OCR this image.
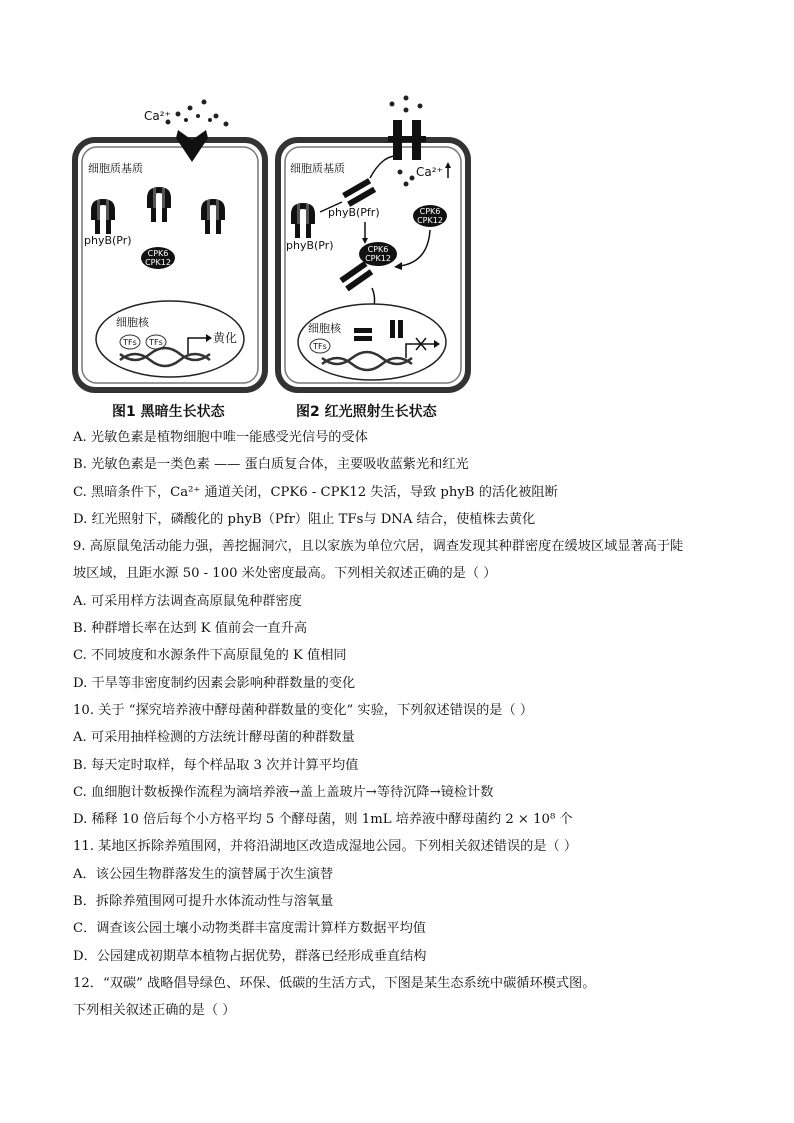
Ca²⁺
细胞质基质
phyB(Pr)
CPK6
CPK12
细胞核
TFs TFs	黄化
图1 黑暗生长状态
Ca²⁺
细胞质基质
phyB(Pfr)
phyB(Pr)
CPK6
CPK12
CPK6
CPK12
细胞核
TFs
图2 红光照射生长状态
A. 光敏色素是植物细胞中唯一能感受光信号的受体
B. 光敏色素是一类色素 —— 蛋白质复合体，主要吸收蓝紫光和红光
C. 黑暗条件下，Ca²⁺ 通道关闭，CPK6 - CPK12 失活，导致 phyB 的活化被阻断
D. 红光照射下，磷酸化的 phyB（Pfr）阻止 TFs与 DNA 结合，使植株去黄化
9. 高原鼠兔活动能力强，善挖掘洞穴，且以家族为单位穴居，调查发现其种群密度在缓坡区域显著高于陡
坡区域，且距水源 50 - 100 米处密度最高。下列相关叙述正确的是（ ）
A. 可采用样方法调查高原鼠兔种群密度
B. 种群增长率在达到 K 值前会一直升高
C. 不同坡度和水源条件下高原鼠兔的 K 值相同
D. 干旱等非密度制约因素会影响种群数量的变化
10. 关于 “探究培养液中酵母菌种群数量的变化” 实验，下列叙述错误的是（ ）
A. 可采用抽样检测的方法统计酵母菌的种群数量
B. 每天定时取样，每个样品取 3 次并计算平均值
C. 血细胞计数板操作流程为滴培养液→盖上盖玻片→等待沉降→镜检计数
D. 稀释 10 倍后每个小方格平均 5 个酵母菌，则 1mL 培养液中酵母菌约 2 × 10⁸ 个
11. 某地区拆除养殖围网，并将沿湖地区改造成湿地公园。下列相关叙述错误的是（ ）
A．该公园生物群落发生的演替属于次生演替
B．拆除养殖围网可提升水体流动性与溶氧量
C．调查该公园土壤小动物类群丰富度需计算样方数据平均值
D．公园建成初期草本植物占据优势，群落已经形成垂直结构
12．“双碳” 战略倡导绿色、环保、低碳的生活方式，下图是某生态系统中碳循环模式图。
下列相关叙述正确的是（ ）
